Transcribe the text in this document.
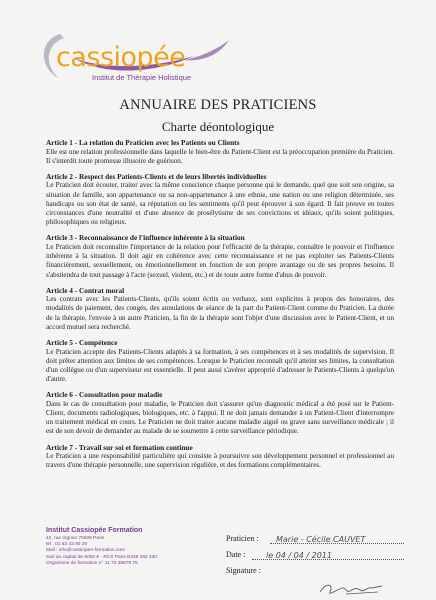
cassiopée
Institut de Thérapie Holistique
ANNUAIRE DES PRATICIENS
Charte déontologique
Article 1 - La relation du Praticien avec les Patients ou Clients

Elle est une relation professionnelle dans laquelle le bien-être du Patient-Client est la préoccupation première du Praticien. Il s'interdit toute promesse illusoire de guérison.

Article 2 - Respect des Patients-Clients et de leurs libertés individuelles

Le Praticien doit écouter, traiter avec la même conscience chaque personne qui le demande, quel que soit son origine, sa situation de famille, son appartenance ou sa non-appartenance à une ethnie, une nation ou une religion déterminée, ses handicaps ou son état de santé, sa réputation ou les sentiments qu'il peut éprouver à son égard. Il fait preuve en toutes circonstances d'une neutralité et d'une absence de prosélytisme de ses convictions et idéaux, qu'ils soient politiques, philosophiques ou religieux.

Article 3 - Reconnaissance de l'influence inhérente à la situation

Le Praticien doit reconnaître l'importance de la relation pour l'efficacité de la thérapie, connaître le pouvoir et l'influence inhérente à la situation. Il doit agir en cohérence avec cette reconnaissance et ne pas exploiter ses Patients-Clients financièrement, sexuellement, ou émotionnellement en fonction de son propre avantage ou de ses propres besoins. Il s'abstiendra de tout passage à l'acte (sexuel, violent, etc.) et de toute autre forme d'abus de pouvoir.

Article 4 - Contrat moral

Les contrats avec les Patients-Clients, qu'ils soient écrits ou verbaux, sont explicites à propos des honoraires, des modalités de paiement, des congés, des annulations de séance de la part du Patient-Client comme du Praticien. La durée de la thérapie, l'envoie à un autre Praticien, la fin de la thérapie sont l'objet d'une discussion avec le Patient-Client, et un accord mutuel sera recherché.

Article 5 - Compétence

Le Praticien accepte des Patients-Clients adaptés à sa formation, à ses compétences et à ses modalités de supervision. Il doit prêter attention aux limites de ses compétences. Lorsque le Praticien reconnaît qu'il atteint ses limites, la consultation d'un collègue ou d'un superviseur est essentielle. Il peut aussi s'avérer approprié d'adresser le Patients-Clients à quelqu'un d'autre.

Article 6 - Consultation pour maladie

Dans le cas de consultation pour maladie, le Praticien doit s'assurer qu'un diagnostic médical a été posé sur le Patient-Client, documents radiologiques, biologiques, etc. à l'appui. Il ne doit jamais demander à un Patient-Client d'interrompre un traitement médical en cours. Le Praticien ne doit traiter aucune maladie aiguë ou grave sans surveillance médicale ; il est de son devoir de demander au malade de se soumettre à cette surveillance périodique.

Article 7 - Travail sur soi et formation continue

Le Praticien a une responsabilité particulière qui consiste à poursuivre son développement personnel et professionnel au travers d'une thérapie personnelle, une supervision régulière, et des formations complémentaires.

Institut Cassiopée Formation
42, rue Vignon 75009 Paris
tel : 01 53 43 90 29
Mail : info@cassiopee-formation.com
Sarl au capital de 8000 € - RCS Paris B438 182 230
Organisme de formation n° 11 75 35879 75
Praticien : Marie - Cécile CAUVET
Date :	le 04 / 04 / 2011
Signature :
